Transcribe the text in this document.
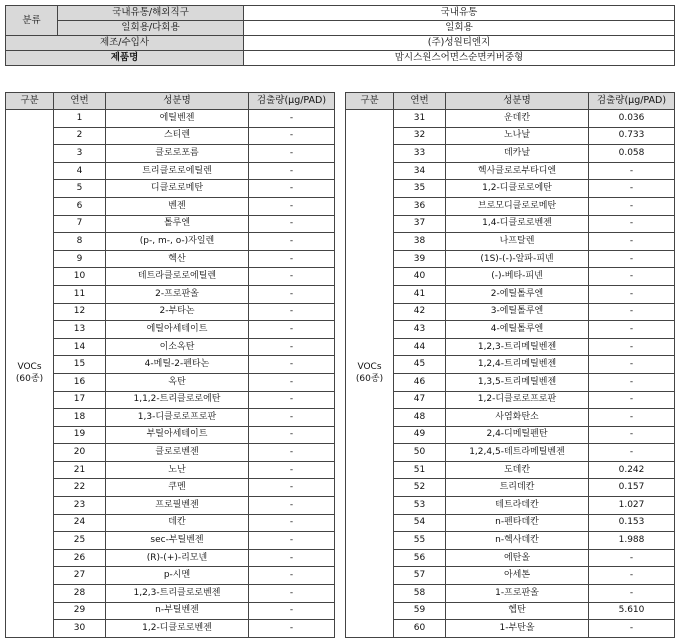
분류	국내유통/해외직구	국내유통
	일회용/다회용	일회용
제조/수입사		(주)성원티엔지
제품명		맘시스원스어면스순면커버중형
구분	연번	성분명	검출량(μg/PAD)

VOCs
(60종)	1	에틸벤젠	-
	2	스티렌	-
	3	클로로포름	-
	4	트리클로로에틸렌	-
	5	디클로로메탄	-
	6	벤젠	-
	7	톨루엔	-
	8	(p-, m-, o-)자일렌	-
	9	헥산	-
	10	테트라클로로에틸렌	-
	11	2-프로판올	-
	12	2-부타논	-
	13	에틸아세테이트	-
	14	이소옥탄	-
	15	4-메틸-2-펜타논	-
	16	옥탄	-
	17	1,1,2-트리클로로에탄	-
	18	1,3-디클로로프로판	-
	19	부틸아세테이트	-
	20	클로로벤젠	-
	21	노난	-
	22	쿠멘	-
	23	프로필벤젠	-
	24	데칸	-
	25	sec-부틸벤젠	-
	26	(R)-(+)-리모넨	-
	27	p-시멘	-
	28	1,2,3-트리클로로벤젠	-
	29	n-부틸벤젠	-
	30	1,2-디클로로벤젠	-
구분	연번	성분명	검출량(μg/PAD)

VOCs
(60종)	31	운데칸	0.036
	32	노나날	0.733
	33	데카날	0.058
	34	헥사클로로부타디엔	-
	35	1,2-디클로로에탄	-
	36	브로모디클로로메탄	-
	37	1,4-디클로로벤젠	-
	38	나프탈렌	-
	39	(1S)-(-)-알파-피넨	-
	40	(-)-베타-피넨	-
	41	2-에틸톨루엔	-
	42	3-에틸톨루엔	-
	43	4-에틸톨루엔	-
	44	1,2,3-트리메틸벤젠	-
	45	1,2,4-트리메틸벤젠	-
	46	1,3,5-트리메틸벤젠	-
	47	1,2-디클로로프로판	-
	48	사염화탄소	-
	49	2,4-디메틸펜탄	-
	50	1,2,4,5-테트라메틸벤젠	-
	51	도데칸	0.242
	52	트리데칸	0.157
	53	테트라데칸	1.027
	54	n-펜타데칸	0.153
	55	n-헥사데칸	1.988
	56	에탄올	-
	57	아세톤	-
	58	1-프로판올	-
	59	헵탄	5.610
	60	1-부탄올	-
